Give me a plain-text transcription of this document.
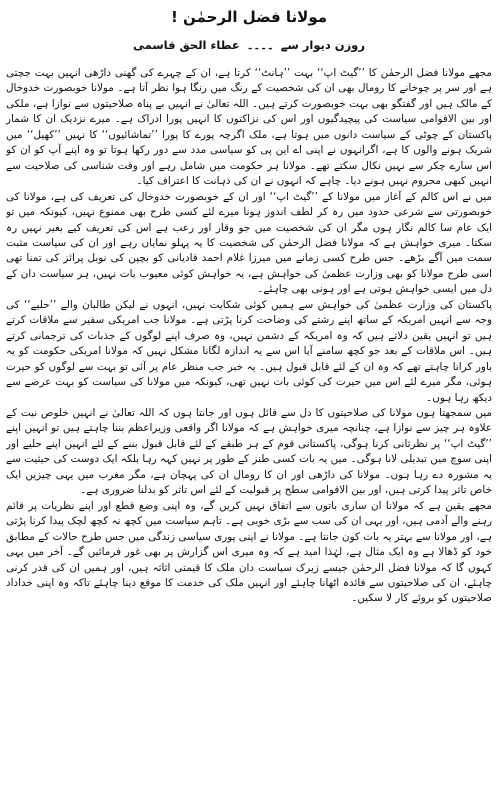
مولانا فضل الرحمٰن !
روزن دیوار سے ۔۔۔۔ عطاء الحق قاسمی

مجھے مولانا فضل الرحمٰن کا ’’گیٹ اپ‘‘ بہت ’’ہانٹ‘‘ کرتا ہے، ان کے چہرے کی گھنی داڑھی انہیں بہت جچتی ہے اور سر پر چوخانے کا رومال بھی ان کی شخصیت کے رنگ میں رنگا ہوا نظر آتا ہے۔ مولانا خوبصورت خدوخال کے مالک ہیں اور گفتگو بھی بہت خوبصورت کرتے ہیں۔ اللہ تعالیٰ نے انہیں بے پناہ صلاحیتوں سے نوازا ہے، ملکی اور بین الاقوامی سیاست کی پیچیدگیوں اور اس کی نزاکتوں کا انہیں پورا ادراک ہے۔ میرے نزدیک ان کا شمار پاکستان کے چوٹی کے سیاست دانوں میں ہوتا ہے، ملک اگرچہ پورے کا پورا ’’تماشائیوں‘‘ کا نہیں ’’کھیل‘‘ میں شریک ہونے والوں کا ہے، اگرانہوں نے اپنی اے این پی کو سیاسی مدد سے دور رکھا ہوتا تو وہ اپنے آپ کو ان کو اس سارے چکر سے نہیں نکال سکتے تھے۔ مولانا ہر حکومت میں شامل رہے اور وقت شناسی کی صلاحیت سے انہیں کبھی محروم نہیں ہونے دیا۔ چاہے کہ انہوں نے ان کی ذہانت کا اعتراف کیا۔

میں نے اس کالم کے آغاز میں مولانا کے ’’گیٹ اپ‘‘ اور ان کے خوبصورت خدوخال کی تعریف کی ہے، مولانا کی خوبصورتی سے شرعی حدود میں رہ کر لطف اندوز ہونا میرے لئے کسی طرح بھی ممنوع نہیں، کیونکہ میں تو ایک عام سا کالم نگار ہوں مگر ان کی شخصیت میں جو وقار اور رعب ہے اس کی تعریف کیے بغیر نہیں رہ سکتا۔ میری خواہش ہے کہ مولانا فضل الرحمٰن کی شخصیت کا یہ پہلو نمایاں رہے اور ان کی سیاست مثبت سمت میں آگے بڑھے۔ جس طرح کسی زمانے میں میرزا غلام احمد قادیانی کو بچپن کی نوبل پرائز کی تمنا تھی اسی طرح مولانا کو بھی وزارت عظمیٰ کی خواہش ہے، یہ خواہش کوئی معیوب بات نہیں، ہر سیاست دان کے دل میں ایسی خواہش ہوتی ہے اور ہونی بھی چاہئے۔

پاکستان کی وزارت عظمیٰ کی خواہش سے ہمیں کوئی شکایت نہیں، انہوں نے لیکن طالبان والے ’’حلیے‘‘ کی وجہ سے انہیں امریکہ کے ساتھ اپنے رشتے کی وضاحت کرنا پڑتی ہے۔ مولانا جب امریکی سفیر سے ملاقات کرتے ہیں تو انہیں یقین دلاتے ہیں کہ وہ امریکہ کے دشمن نہیں، وہ صرف اپنے لوگوں کے جذبات کی ترجمانی کرتے ہیں۔ اس ملاقات کے بعد جو کچھ سامنے آیا اس سے یہ اندازہ لگانا مشکل نہیں کہ مولانا امریکی حکومت کو یہ باور کرانا چاہتے تھے کہ وہ ان کے لئے قابل قبول ہیں۔ یہ خبر جب منظر عام پر آئی تو بہت سے لوگوں کو حیرت ہوئی، مگر میرے لئے اس میں حیرت کی کوئی بات نہیں تھی، کیونکہ میں مولانا کی سیاست کو بہت عرصے سے دیکھ رہا ہوں۔

میں سمجھتا ہوں مولانا کی صلاحیتوں کا دل سے قائل ہوں اور جانتا ہوں کہ اللہ تعالیٰ نے انہیں خلوص نیت کے علاوہ ہر چیز سے نوازا ہے، چنانچہ میری خواہش ہے کہ مولانا اگر واقعی وزیراعظم بننا چاہتے ہیں تو انہیں اپنے ’’گیٹ اپ‘‘ پر نظرثانی کرنا ہوگی، پاکستانی قوم کے ہر طبقے کے لئے قابل قبول بننے کے لئے انہیں اپنے حلیے اور اپنی سوچ میں تبدیلی لانا ہوگی۔ میں یہ بات کسی طنز کے طور پر نہیں کہہ رہا بلکہ ایک دوست کی حیثیت سے یہ مشورہ دے رہا ہوں۔ مولانا کی داڑھی اور ان کا رومال ان کی پہچان ہے، مگر مغرب میں یہی چیزیں ایک خاص تاثر پیدا کرتی ہیں، اور بین الاقوامی سطح پر قبولیت کے لئے اس تاثر کو بدلنا ضروری ہے۔

مجھے یقین ہے کہ مولانا ان ساری باتوں سے اتفاق نہیں کریں گے، وہ اپنی وضع قطع اور اپنے نظریات پر قائم رہنے والے آدمی ہیں، اور یہی ان کی سب سے بڑی خوبی ہے۔ تاہم سیاست میں کچھ نہ کچھ لچک پیدا کرنا پڑتی ہے، اور مولانا سے بہتر یہ بات کون جانتا ہے۔ مولانا نے اپنی پوری سیاسی زندگی میں جس طرح حالات کے مطابق خود کو ڈھالا ہے وہ ایک مثال ہے، لہٰذا امید ہے کہ وہ میری اس گزارش پر بھی غور فرمائیں گے۔ آخر میں یہی کہوں گا کہ مولانا فضل الرحمٰن جیسے زیرک سیاست دان ملک کا قیمتی اثاثہ ہیں، اور ہمیں ان کی قدر کرنی چاہئے، ان کی صلاحیتوں سے فائدہ اٹھانا چاہئے اور انہیں ملک کی خدمت کا موقع دینا چاہئے تاکہ وہ اپنی خداداد صلاحیتوں کو بروئے کار لا سکیں۔
